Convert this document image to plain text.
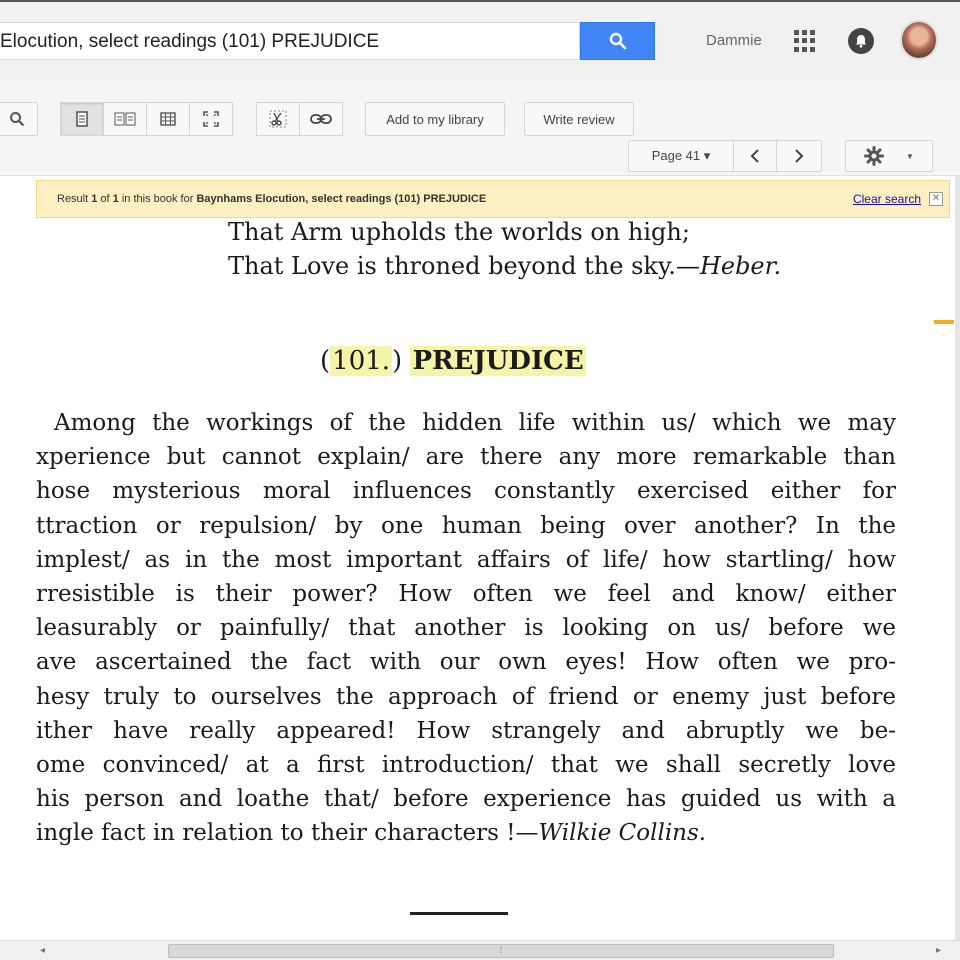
Elocution, select readings (101) PREJUDICE	Dammie
Add to my library	Write review
Page 41 ▾	▼
Result 1 of 1 in this book for Baynhams Elocution, select readings (101) PREJUDICE	Clear search ✕
That Arm upholds the worlds on high;
That Love is throned beyond the sky.—Heber.
(101.) PREJUDICE
Among the workings of the hidden life within us/ which we may
xperience but cannot explain/ are there any more remarkable than
hose mysterious moral influences constantly exercised either for
ttraction or repulsion/ by one human being over another? In the
implest/ as in the most important affairs of life/ how startling/ how
rresistible is their power? How often we feel and know/ either
leasurably or painfully/ that another is looking on us/ before we
ave ascertained the fact with our own eyes! How often we pro-
hesy truly to ourselves the approach of friend or enemy just before
ither have really appeared! How strangely and abruptly we be-
ome convinced/ at a first introduction/ that we shall secretly love
his person and loathe that/ before experience has guided us with a
ingle fact in relation to their characters !—Wilkie Collins.
◂	⁞	▸
